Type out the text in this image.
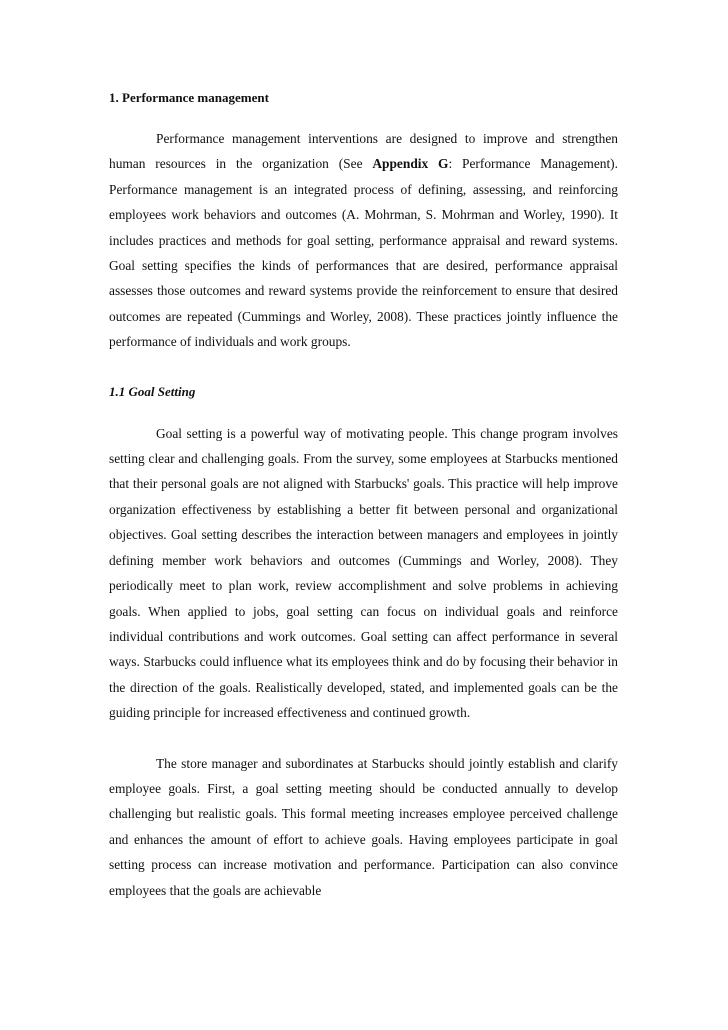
1. Performance management

Performance management interventions are designed to improve and strengthen human resources in the organization (See Appendix G: Performance Management). Performance management is an integrated process of defining, assessing, and reinforcing employees work behaviors and outcomes (A. Mohrman, S. Mohrman and Worley, 1990). It includes practices and methods for goal setting, performance appraisal and reward systems. Goal setting specifies the kinds of performances that are desired, performance appraisal assesses those outcomes and reward systems provide the reinforcement to ensure that desired outcomes are repeated (Cummings and Worley, 2008). These practices jointly influence the performance of individuals and work groups.

1.1 Goal Setting

Goal setting is a powerful way of motivating people. This change program involves setting clear and challenging goals. From the survey, some employees at Starbucks mentioned that their personal goals are not aligned with Starbucks' goals. This practice will help improve organization effectiveness by establishing a better fit between personal and organizational objectives. Goal setting describes the interaction between managers and employees in jointly defining member work behaviors and outcomes (Cummings and Worley, 2008). They periodically meet to plan work, review accomplishment and solve problems in achieving goals. When applied to jobs, goal setting can focus on individual goals and reinforce individual contributions and work outcomes. Goal setting can affect performance in several ways. Starbucks could influence what its employees think and do by focusing their behavior in the direction of the goals. Realistically developed, stated, and implemented goals can be the guiding principle for increased effectiveness and continued growth.

The store manager and subordinates at Starbucks should jointly establish and clarify employee goals. First, a goal setting meeting should be conducted annually to develop challenging but realistic goals. This formal meeting increases employee perceived challenge and enhances the amount of effort to achieve goals. Having employees participate in goal setting process can increase motivation and performance. Participation can also convince employees that the goals are achievable
